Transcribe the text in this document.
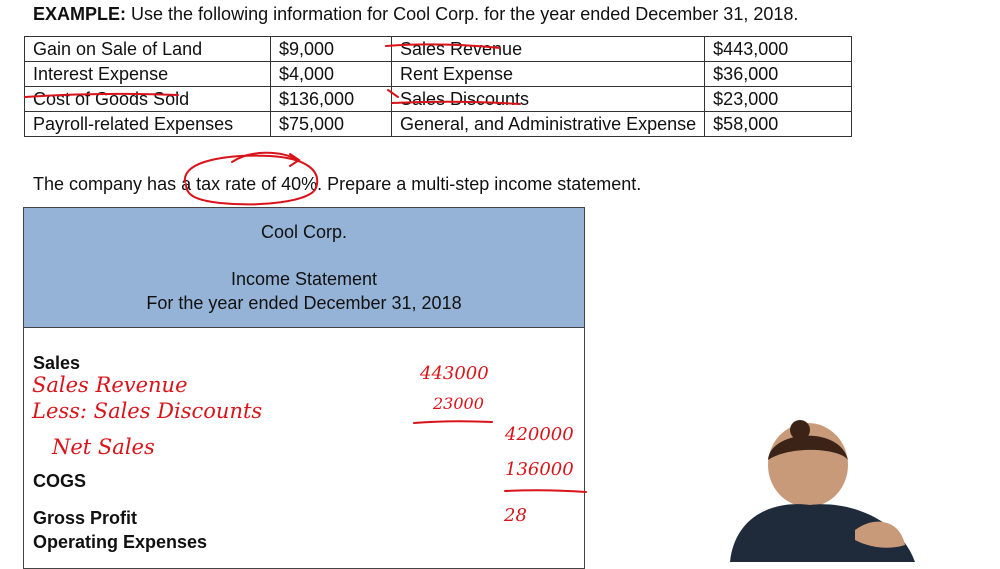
EXAMPLE: Use the following information for Cool Corp. for the year ended December 31, 2018.
Gain on Sale of Land	$9,000	Sales Revenue	$443,000
Interest Expense	$4,000	Rent Expense	$36,000
Cost of Goods Sold	$136,000	Sales Discounts	$23,000
Payroll-related Expenses	$75,000	General, and Administrative Expense	$58,000
The company has a tax rate of 40%. Prepare a multi-step income statement.
Cool Corp.
Income Statement
For the year ended December 31, 2018
Sales
COGS
Gross Profit
Operating Expenses
Sales Revenue
Less: Sales Discounts
Net Sales
443000
23000
420000
136000
28
